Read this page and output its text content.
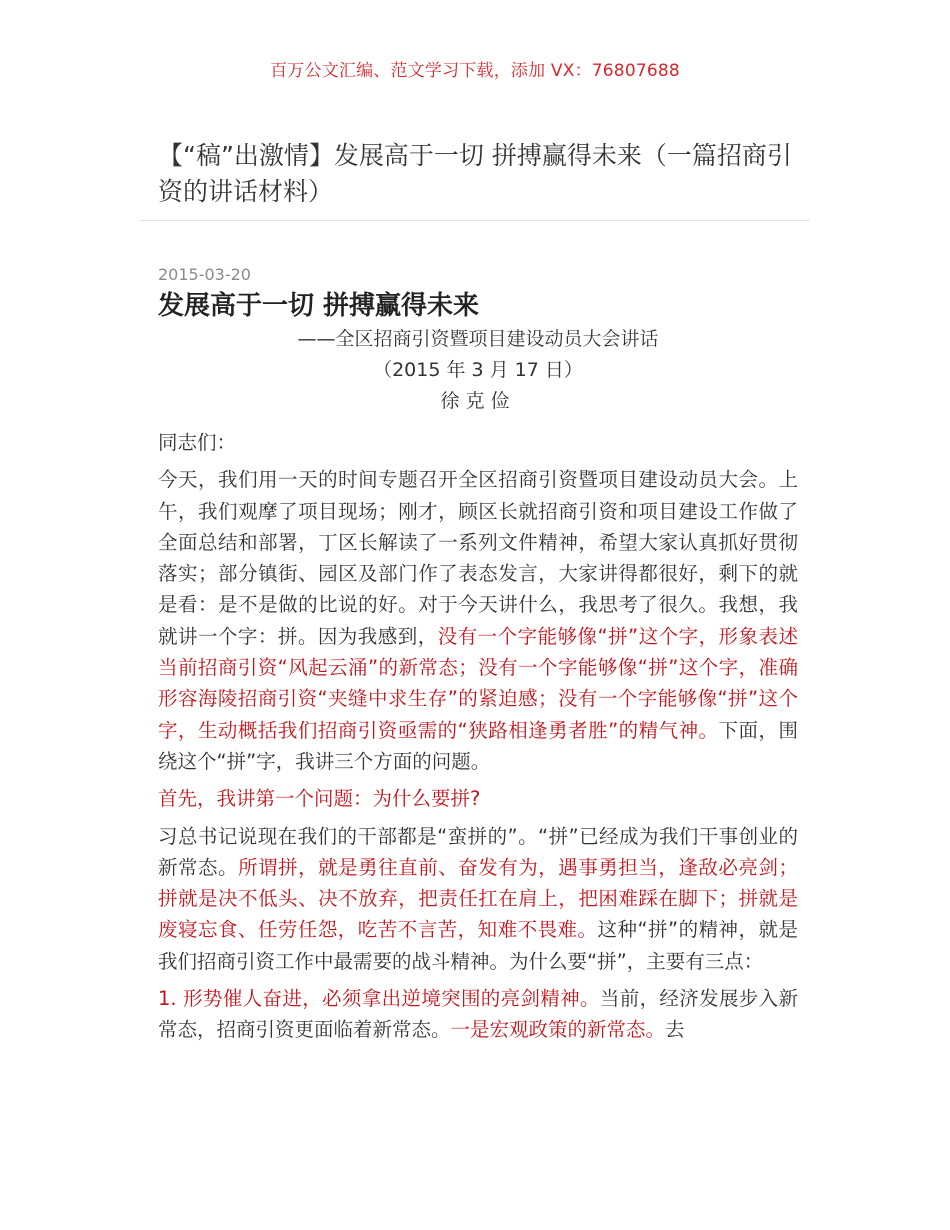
百万公文汇编、范文学习下载，添加 VX：76807688
【“稿”出激情】发展高于一切 拼搏赢得未来（一篇招商引资的讲话材料）
2015-03-20
发展高于一切 拼搏赢得未来
——全区招商引资暨项目建设动员大会讲话
（2015 年 3 月 17 日）
徐克俭

同志们：

今天，我们用一天的时间专题召开全区招商引资暨项目建设动员大会。上午，我们观摩了项目现场；刚才，顾区长就招商引资和项目建设工作做了全面总结和部署，丁区长解读了一系列文件精神，希望大家认真抓好贯彻落实；部分镇街、园区及部门作了表态发言，大家讲得都很好，剩下的就是看：是不是做的比说的好。对于今天讲什么，我思考了很久。我想，我就讲一个字：拼。因为我感到，没有一个字能够像“拼”这个字，形象表述当前招商引资“风起云涌”的新常态；没有一个字能够像“拼”这个字，准确形容海陵招商引资“夹缝中求生存”的紧迫感；没有一个字能够像“拼”这个字，生动概括我们招商引资亟需的“狭路相逢勇者胜”的精气神。下面，围绕这个“拼”字，我讲三个方面的问题。

首先，我讲第一个问题：为什么要拼?

习总书记说现在我们的干部都是“蛮拼的”。“拼”已经成为我们干事创业的新常态。所谓拼，就是勇往直前、奋发有为，遇事勇担当，逢敌必亮剑；拼就是决不低头、决不放弃，把责任扛在肩上，把困难踩在脚下；拼就是废寝忘食、任劳任怨，吃苦不言苦，知难不畏难。这种“拼”的精神，就是我们招商引资工作中最需要的战斗精神。为什么要“拼”，主要有三点：

1. 形势催人奋进，必须拿出逆境突围的亮剑精神。当前，经济发展步入新常态，招商引资更面临着新常态。一是宏观政策的新常态。去
